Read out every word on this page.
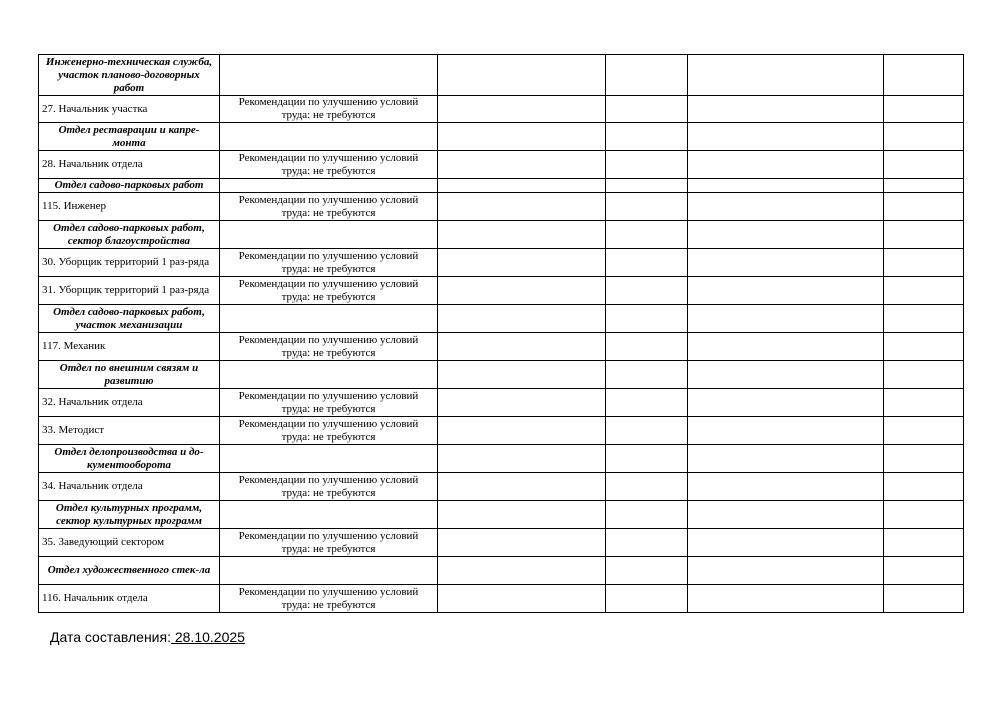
Инженерно-техническая служба, участок планово-договорных работ					
27. Начальник участка	Рекомендации по улучшению условий труда: не требуются				
Отдел реставрации и капре-монта					
28. Начальник отдела	Рекомендации по улучшению условий труда: не требуются				
Отдел садово-парковых работ					
115. Инженер	Рекомендации по улучшению условий труда: не требуются				
Отдел садово-парковых работ, сектор благоустройства					
30. Уборщик территорий 1 раз-ряда	Рекомендации по улучшению условий труда: не требуются				
31. Уборщик территорий 1 раз-ряда	Рекомендации по улучшению условий труда: не требуются				
Отдел садово-парковых работ, участок механизации					
117. Механик	Рекомендации по улучшению условий труда: не требуются				
Отдел по внешним связям и развитию					
32. Начальник отдела	Рекомендации по улучшению условий труда: не требуются				
33. Методист	Рекомендации по улучшению условий труда: не требуются				
Отдел делопроизводства и до-кументооборота					
34. Начальник отдела	Рекомендации по улучшению условий труда: не требуются				
Отдел культурных программ, сектор культурных программ					
35. Заведующий сектором	Рекомендации по улучшению условий труда: не требуются				
Отдел художественного стек-ла					
116. Начальник отдела	Рекомендации по улучшению условий труда: не требуются				
Дата составления: 28.10.2025
